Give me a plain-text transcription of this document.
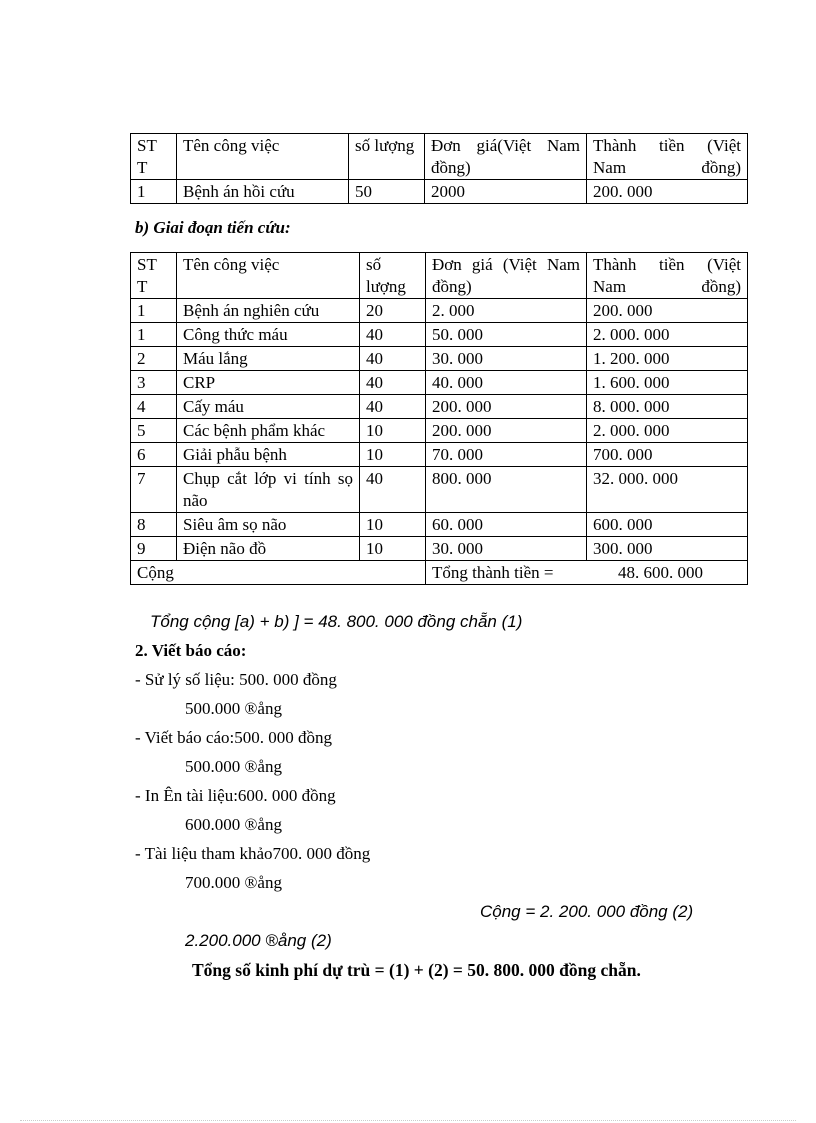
ST T	Tên công việc	số lượng	Đơn giá(Việt Nam đồng)	Thành tiền (Việt Nam đồng)
1	Bệnh án hồi cứu	50	2000	200. 000
b) Giai đoạn tiến cứu:
ST T	Tên công việc	số lượng	Đơn giá (Việt Nam đồng)	Thành tiền (Việt Nam đồng)
1	Bệnh án nghiên cứu	20	2. 000	200. 000
1	Công thức máu	40	50. 000	2. 000. 000
2	Máu lắng	40	30. 000	1. 200. 000
3	CRP	40	40. 000	1. 600. 000
4	Cấy máu	40	200. 000	8. 000. 000
5	Các bệnh phẩm khác	10	200. 000	2. 000. 000
6	Giải phẫu bệnh	10	70. 000	700. 000
7	Chụp cắt lớp vi tính sọ não	40	800. 000	32. 000. 000
8	Siêu âm sọ não	10	60. 000	600. 000
9	Điện não đồ	10	30. 000	300. 000
Cộng			Tổng thành tiền = 48. 600. 000	
Tổng cộng [a) + b) ] = 48. 800. 000 đồng chẵn (1)
2. Viết báo cáo:
- Sử lý số liệu: 500. 000 đồng
500.000 ®ång
- Viết báo cáo:500. 000 đồng
500.000 ®ång
- In Ên tài liệu:600. 000 đồng
600.000 ®ång
- Tài liệu tham khảo700. 000 đồng
700.000 ®ång
Cộng = 2. 200. 000 đồng (2)
2.200.000 ®ång (2)
Tổng số kinh phí dự trù = (1) + (2) = 50. 800. 000 đồng chẵn.
